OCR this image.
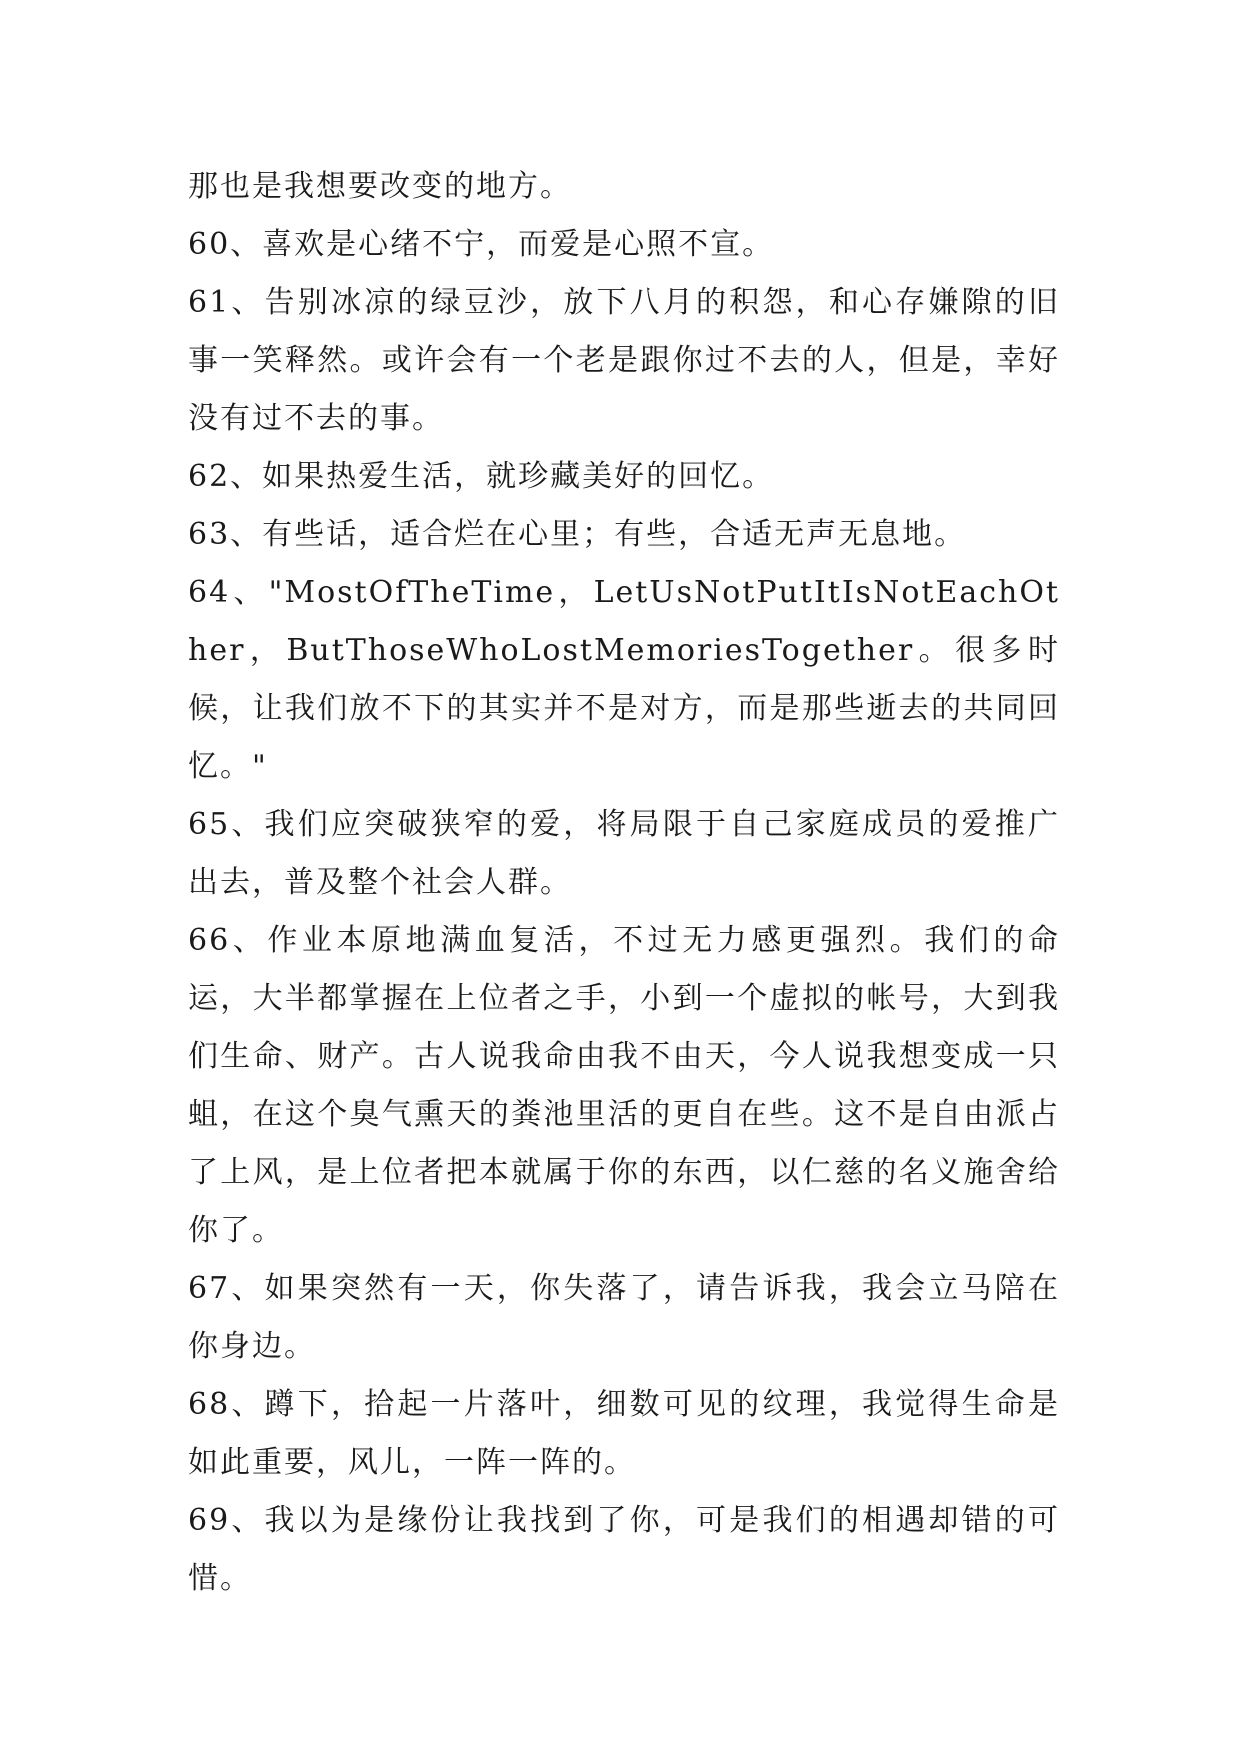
那也是我想要改变的地方。

60、喜欢是心绪不宁，而爱是心照不宣。

61、告别冰凉的绿豆沙，放下八月的积怨，和心存嫌隙的旧事一笑释然。或许会有一个老是跟你过不去的人，但是，幸好没有过不去的事。

62、如果热爱生活，就珍藏美好的回忆。

63、有些话，适合烂在心里；有些，合适无声无息地。

64、"MostOfTheTime，LetUsNotPutItIsNotEachOther，ButThoseWhoLostMemoriesTogether。很多时候，让我们放不下的其实并不是对方，而是那些逝去的共同回忆。"

65、我们应突破狭窄的爱，将局限于自己家庭成员的爱推广出去，普及整个社会人群。

66、作业本原地满血复活，不过无力感更强烈。我们的命运，大半都掌握在上位者之手，小到一个虚拟的帐号，大到我们生命、财产。古人说我命由我不由天，今人说我想变成一只蛆，在这个臭气熏天的粪池里活的更自在些。这不是自由派占了上风，是上位者把本就属于你的东西，以仁慈的名义施舍给你了。

67、如果突然有一天，你失落了，请告诉我，我会立马陪在你身边。

68、蹲下，拾起一片落叶，细数可见的纹理，我觉得生命是如此重要，风儿，一阵一阵的。

69、我以为是缘份让我找到了你，可是我们的相遇却错的可惜。
